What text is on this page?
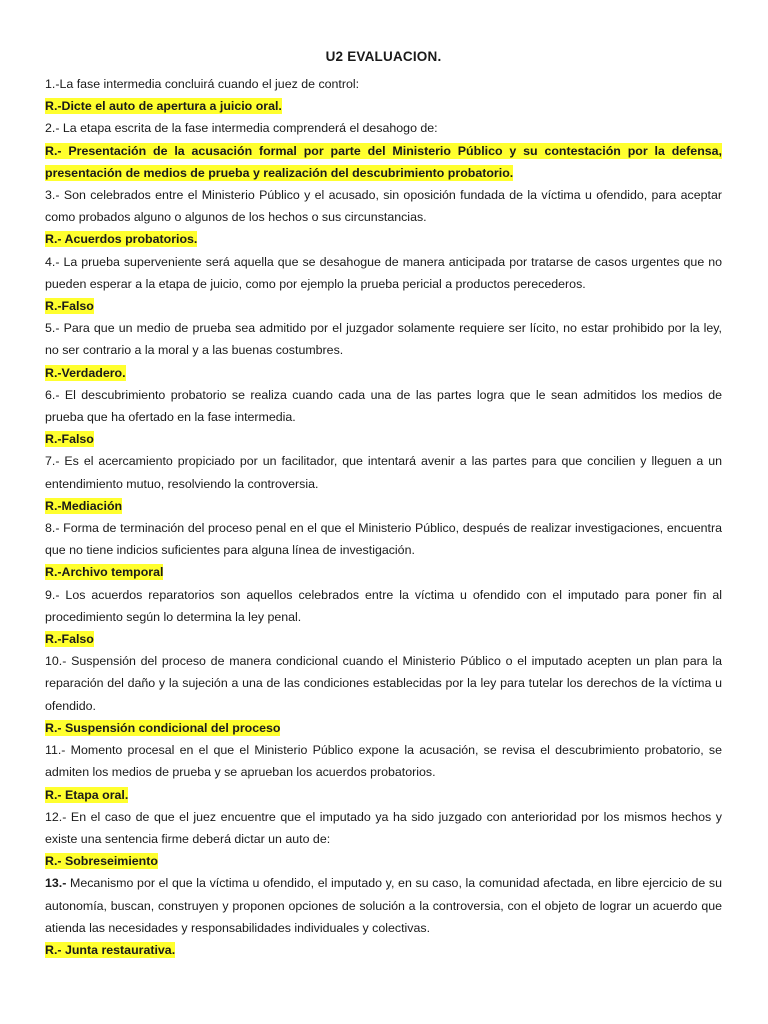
U2 EVALUACION.

1.-La fase intermedia concluirá cuando el juez de control:

R.-Dicte el auto de apertura a juicio oral.

2.- La etapa escrita de la fase intermedia comprenderá el desahogo de:

R.- Presentación de la acusación formal por parte del Ministerio Público y su contestación por la defensa, presentación de medios de prueba y realización del descubrimiento probatorio.

3.- Son celebrados entre el Ministerio Público y el acusado, sin oposición fundada de la víctima u ofendido, para aceptar como probados alguno o algunos de los hechos o sus circunstancias.

R.- Acuerdos probatorios.

4.- La prueba superveniente será aquella que se desahogue de manera anticipada por tratarse de casos urgentes que no pueden esperar a la etapa de juicio, como por ejemplo la prueba pericial a productos perecederos.

R.-Falso

5.- Para que un medio de prueba sea admitido por el juzgador solamente requiere ser lícito, no estar prohibido por la ley, no ser contrario a la moral y a las buenas costumbres.

R.-Verdadero.

6.- El descubrimiento probatorio se realiza cuando cada una de las partes logra que le sean admitidos los medios de prueba que ha ofertado en la fase intermedia.

R.-Falso

7.- Es el acercamiento propiciado por un facilitador, que intentará avenir a las partes para que concilien y lleguen a un entendimiento mutuo, resolviendo la controversia.

R.-Mediación

8.- Forma de terminación del proceso penal en el que el Ministerio Público, después de realizar investigaciones, encuentra que no tiene indicios suficientes para alguna línea de investigación.

R.-Archivo temporal

9.- Los acuerdos reparatorios son aquellos celebrados entre la víctima u ofendido con el imputado para poner fin al procedimiento según lo determina la ley penal.

R.-Falso

10.- Suspensión del proceso de manera condicional cuando el Ministerio Público o el imputado acepten un plan para la reparación del daño y la sujeción a una de las condiciones establecidas por la ley para tutelar los derechos de la víctima u ofendido.

R.- Suspensión condicional del proceso

11.- Momento procesal en el que el Ministerio Público expone la acusación, se revisa el descubrimiento probatorio, se admiten los medios de prueba y se aprueban los acuerdos probatorios.

R.- Etapa oral.

12.- En el caso de que el juez encuentre que el imputado ya ha sido juzgado con anterioridad por los mismos hechos y existe una sentencia firme deberá dictar un auto de:

R.- Sobreseimiento

13.- Mecanismo por el que la víctima u ofendido, el imputado y, en su caso, la comunidad afectada, en libre ejercicio de su autonomía, buscan, construyen y proponen opciones de solución a la controversia, con el objeto de lograr un acuerdo que atienda las necesidades y responsabilidades individuales y colectivas.

R.- Junta restaurativa.
